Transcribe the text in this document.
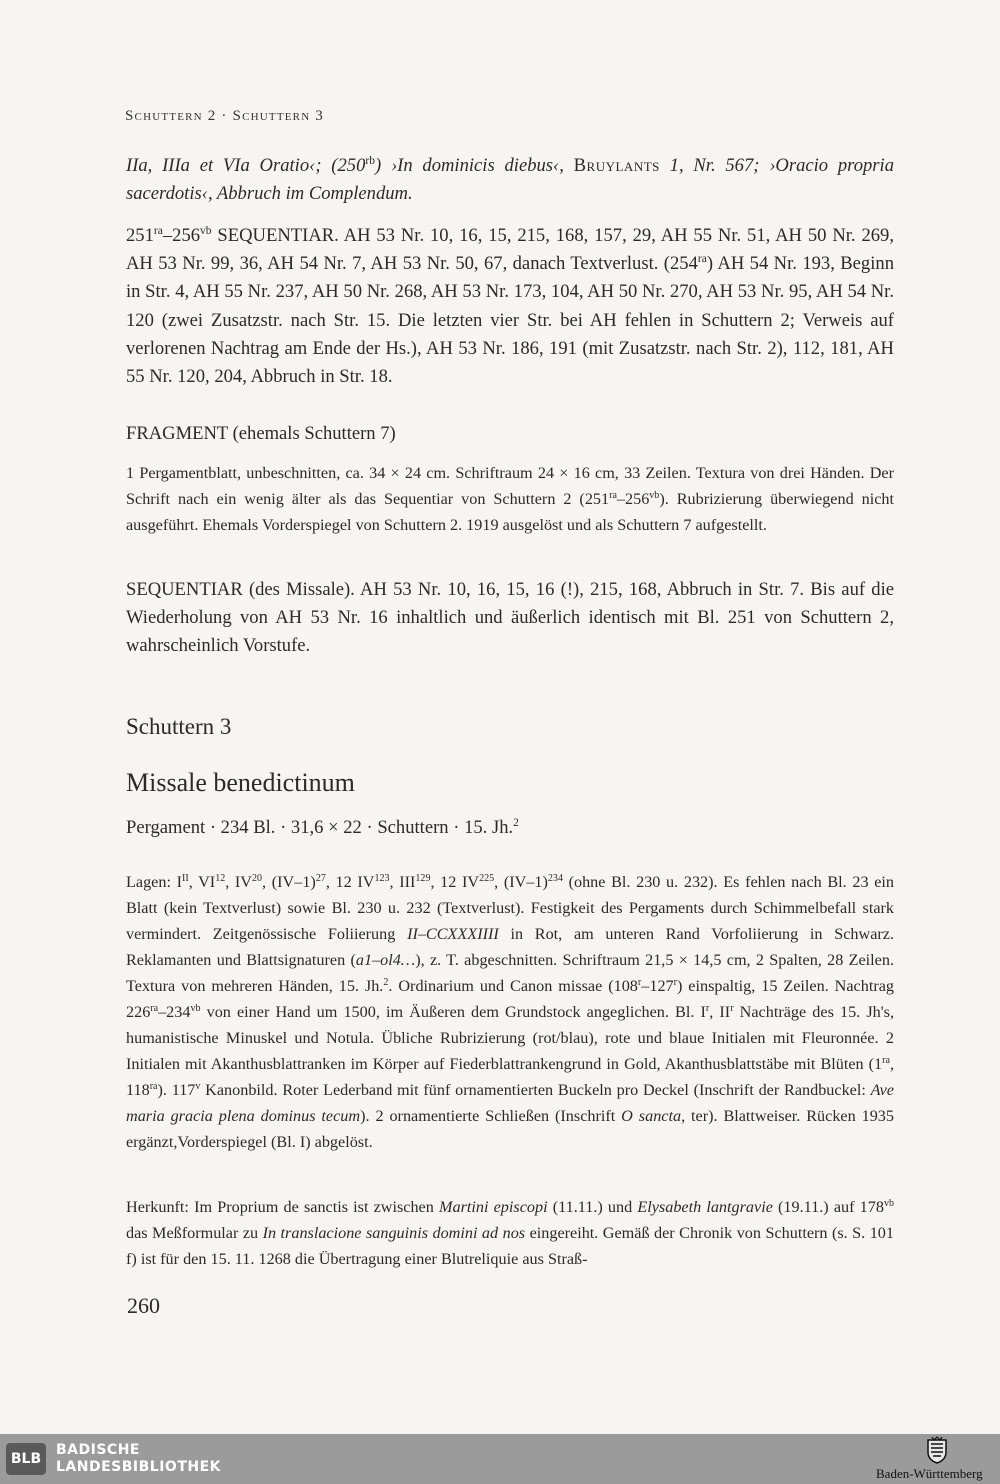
Schuttern 2 · Schuttern 3

IIa, IIIa et VIa Oratio‹; $(250^{rb})$ ›In dominicis diebus‹, Bruylants 1, Nr. 567; ›Oracio propria sacerdotis‹, Abbruch im Complendum.

$251^{ra}-256^{vb}$ SEQUENTIAR. AH 53 Nr. 10, 16, 15, 215, 168, 157, 29, AH 55 Nr. 51, AH 50 Nr. 269, AH 53 Nr. 99, 36, AH 54 Nr. 7, AH 53 Nr. 50, 67, danach Textverlust. $(254^{ra})$ AH 54 Nr. 193, Beginn in Str. 4, AH 55 Nr. 237, AH 50 Nr. 268, AH 53 Nr. 173, 104, AH 50 Nr. 270, AH 53 Nr. 95, AH 54 Nr. 120 (zwei Zusatzstr. nach Str. 15. Die letzten vier Str. bei AH fehlen in Schuttern 2; Verweis auf verlorenen Nachtrag am Ende der Hs.), AH 53 Nr. 186, 191 (mit Zusatzstr. nach Str. 2), 112, 181, AH 55 Nr. 120, 204, Abbruch in Str. 18.

FRAGMENT (ehemals Schuttern 7)

1 Pergamentblatt, unbeschnitten, ca. 34 × 24 cm. Schriftraum 24 × 16 cm, 33 Zeilen. Textura von drei Händen. Der Schrift nach ein wenig älter als das Sequentiar von Schuttern 2 $(251^{ra}-256^{vb})$. Rubrizierung überwiegend nicht ausgeführt. Ehemals Vorderspiegel von Schuttern 2. 1919 ausgelöst und als Schuttern 7 aufgestellt.

SEQUENTIAR (des Missale). AH 53 Nr. 10, 16, 15, 16 (!), 215, 168, Abbruch in Str. 7. Bis auf die Wiederholung von AH 53 Nr. 16 inhaltlich und äußerlich identisch mit Bl. 251 von Schuttern 2, wahrscheinlich Vorstufe.

Schuttern 3

Missale benedictinum

Pergament · 234 Bl. · 31,6 × 22 · Schuttern · 15. Jh.$^2$

Lagen: $I^{II}$, VI$^{12}$, IV$^{20}$, $(IV-1)^{27}$, 12 IV$^{123}$, III$^{129}$, 12 IV$^{225}$, $(IV-1)^{234}$ (ohne Bl. 230 u. 232). Es fehlen nach Bl. 23 ein Blatt (kein Textverlust) sowie Bl. 230 u. 232 (Textverlust). Festigkeit des Pergaments durch Schimmelbefall stark vermindert. Zeitgenössische Foliierung II–CCXXXIIII in Rot, am unteren Rand Vorfoliierung in Schwarz. Reklamanten und Blattsignaturen (a1–ol4…), z. T. abgeschnitten. Schriftraum 21,5 × 14,5 cm, 2 Spalten, 28 Zeilen. Textura von mehreren Händen, 15. Jh.$^2$. Ordinarium und Canon missae (108$^r$–127$^r$) einspaltig, 15 Zeilen. Nachtrag $226^{ra}-234^{vb}$ von einer Hand um 1500, im Äußeren dem Grundstock angeglichen. Bl. $I^r$, $II^r$ Nachträge des 15. Jh's, humanistische Minuskel und Notula. Übliche Rubrizierung (rot/blau), rote und blaue Initialen mit Fleuronnée. 2 Initialen mit Akanthusblattranken im Körper auf Fiederblattrankengrund in Gold, Akanthusblattstäbe mit Blüten ($1^{ra}$, $118^{ra}$). 117$^v$ Kanonbild. Roter Lederband mit fünf ornamentierten Buckeln pro Deckel (Inschrift der Randbuckel: Ave maria gracia plena dominus tecum). 2 ornamentierte Schließen (Inschrift O sancta, ter). Blattweiser. Rücken 1935 ergänzt,Vorderspiegel (Bl. I) abgelöst.

Herkunft: Im Proprium de sanctis ist zwischen Martini episcopi (11.11.) und Elysabeth lantgravie (19.11.) auf $178^{vb}$ das Meßformular zu In translacione sanguinis domini ad nos eingereiht. Gemäß der Chronik von Schuttern (s. S. 101 f) ist für den 15. 11. 1268 die Übertragung einer Blutreliquie aus Straß-

260
BLB
BADISCHE
LANDESBIBLIOTHEK	Baden-Württemberg
